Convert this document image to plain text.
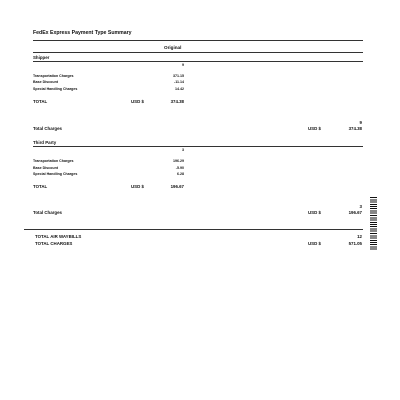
FedEx Express Payment Type Summary
Original
Shipper
9
Transportation Charges	371.15
Base Discount	-11.14
Special Handling Charges	14.42
TOTAL	USD $	374.38
9
Total Charges	USD $	374.38
Third Party
3
Transportation Charges	196.29
Base Discount	-5.90
Special Handling Charges	6.28
TOTAL	USD $	196.67
3
Total Charges	USD $	196.67
TOTAL AIR WAYBILLS	12
TOTAL CHARGES	USD $	571.05
